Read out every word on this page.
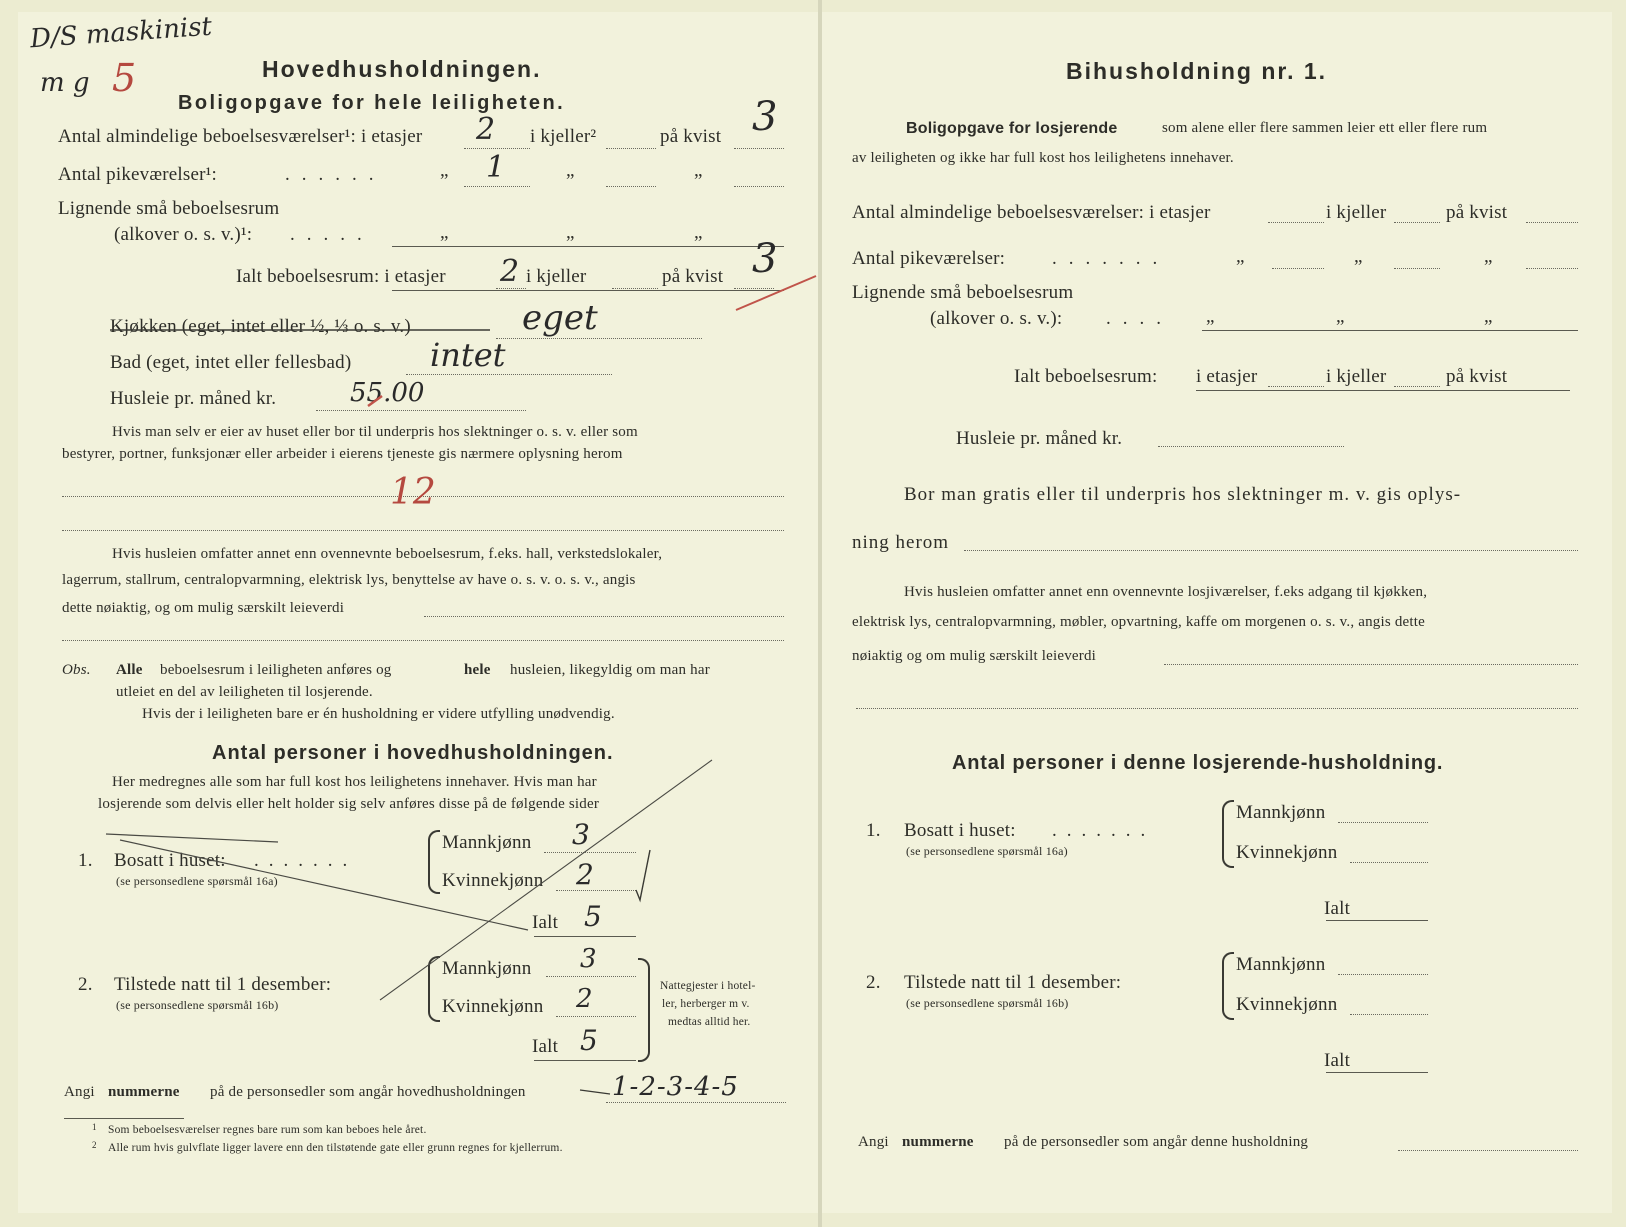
D/S maskinist
m g 5	Hovedhusholdningen.
Boligopgave for hele leiligheten.
Antal almindelige beboelsesværelser¹: i etasjer 2 i kjeller²	på kvist 3
Antal pikeværelser¹:	......	„ 1	„	„
Lignende små beboelsesrum
(alkover o. s. v.)¹: .....	„	„	„
Ialt beboelsesrum: i etasjer 2 i kjeller	på kvist 3
Kjøkken (eget, intet eller ½, ⅓ o. s. v.)	eget
Bad (eget, intet eller fellesbad) intet
Husleie pr. måned kr.	55.00
Hvis man selv er eier av huset eller bor til underpris hos slektninger o. s. v. eller som
bestyrer, portner, funksjonær eller arbeider i eierens tjeneste gis nærmere oplysning herom
12
Hvis husleien omfatter annet enn ovennevnte beboelsesrum, f.eks. hall, verkstedslokaler,
lagerrum, stallrum, centralopvarmning, elektrisk lys, benyttelse av have o. s. v. o. s. v., angis
dette nøiaktig, og om mulig særskilt leieverdi
Obs. Alle beboelsesrum i leiligheten anføres og	hele husleien, likegyldig om man har
utleiet en del av leiligheten til losjerende.
Hvis der i leiligheten bare er én husholdning er videre utfylling unødvendig.
Antal personer i hovedhusholdningen.
Her medregnes alle som har full kost hos leilighetens innehaver. Hvis man har
losjerende som delvis eller helt holder sig selv anføres disse på de følgende sider
1. Bosatt i huset: .......
(se personsedlene spørsmål 16a)
Mannkjønn 3
Kvinnekjønn 2
Ialt 5
2. Tilstede natt til 1 desember:
(se personsedlene spørsmål 16b)
Mannkjønn 3
Kvinnekjønn 2
Ialt 5
Nattegjester i hotel-
ler, herberger m v.
medtas alltid her.
Angi nummerne på de personsedler som angår hovedhusholdningen	1-2-3-4-5
1 Som beboelsesværelser regnes bare rum som kan beboes hele året.
2 Alle rum hvis gulvflate ligger lavere enn den tilstøtende gate eller grunn regnes for kjellerrum.
Bihusholdning nr. 1.
Boligopgave for losjerende	som alene eller flere sammen leier ett eller flere rum
av leiligheten og ikke har full kost hos leilighetens innehaver.
Antal almindelige beboelsesværelser: i etasjer	i kjeller	på kvist
Antal pikeværelser: .......	„	„	„
Lignende små beboelsesrum
(alkover o. s. v.): .... „	„	„
Ialt beboelsesrum: i etasjer	i kjeller	på kvist
Husleie pr. måned kr.
Bor man gratis eller til underpris hos slektninger m. v. gis oplys-
ning herom
Hvis husleien omfatter annet enn ovennevnte losjiværelser, f.eks adgang til kjøkken,
elektrisk lys, centralopvarmning, møbler, opvartning, kaffe om morgenen o. s. v., angis dette
nøiaktig og om mulig særskilt leieverdi
Antal personer i denne losjerende-husholdning.
1. Bosatt i huset: .......
(se personsedlene spørsmål 16a)
Mannkjønn
Kvinnekjønn
Ialt
2. Tilstede natt til 1 desember:
(se personsedlene spørsmål 16b)
Mannkjønn
Kvinnekjønn
Ialt
Angi nummerne på de personsedler som angår denne husholdning
